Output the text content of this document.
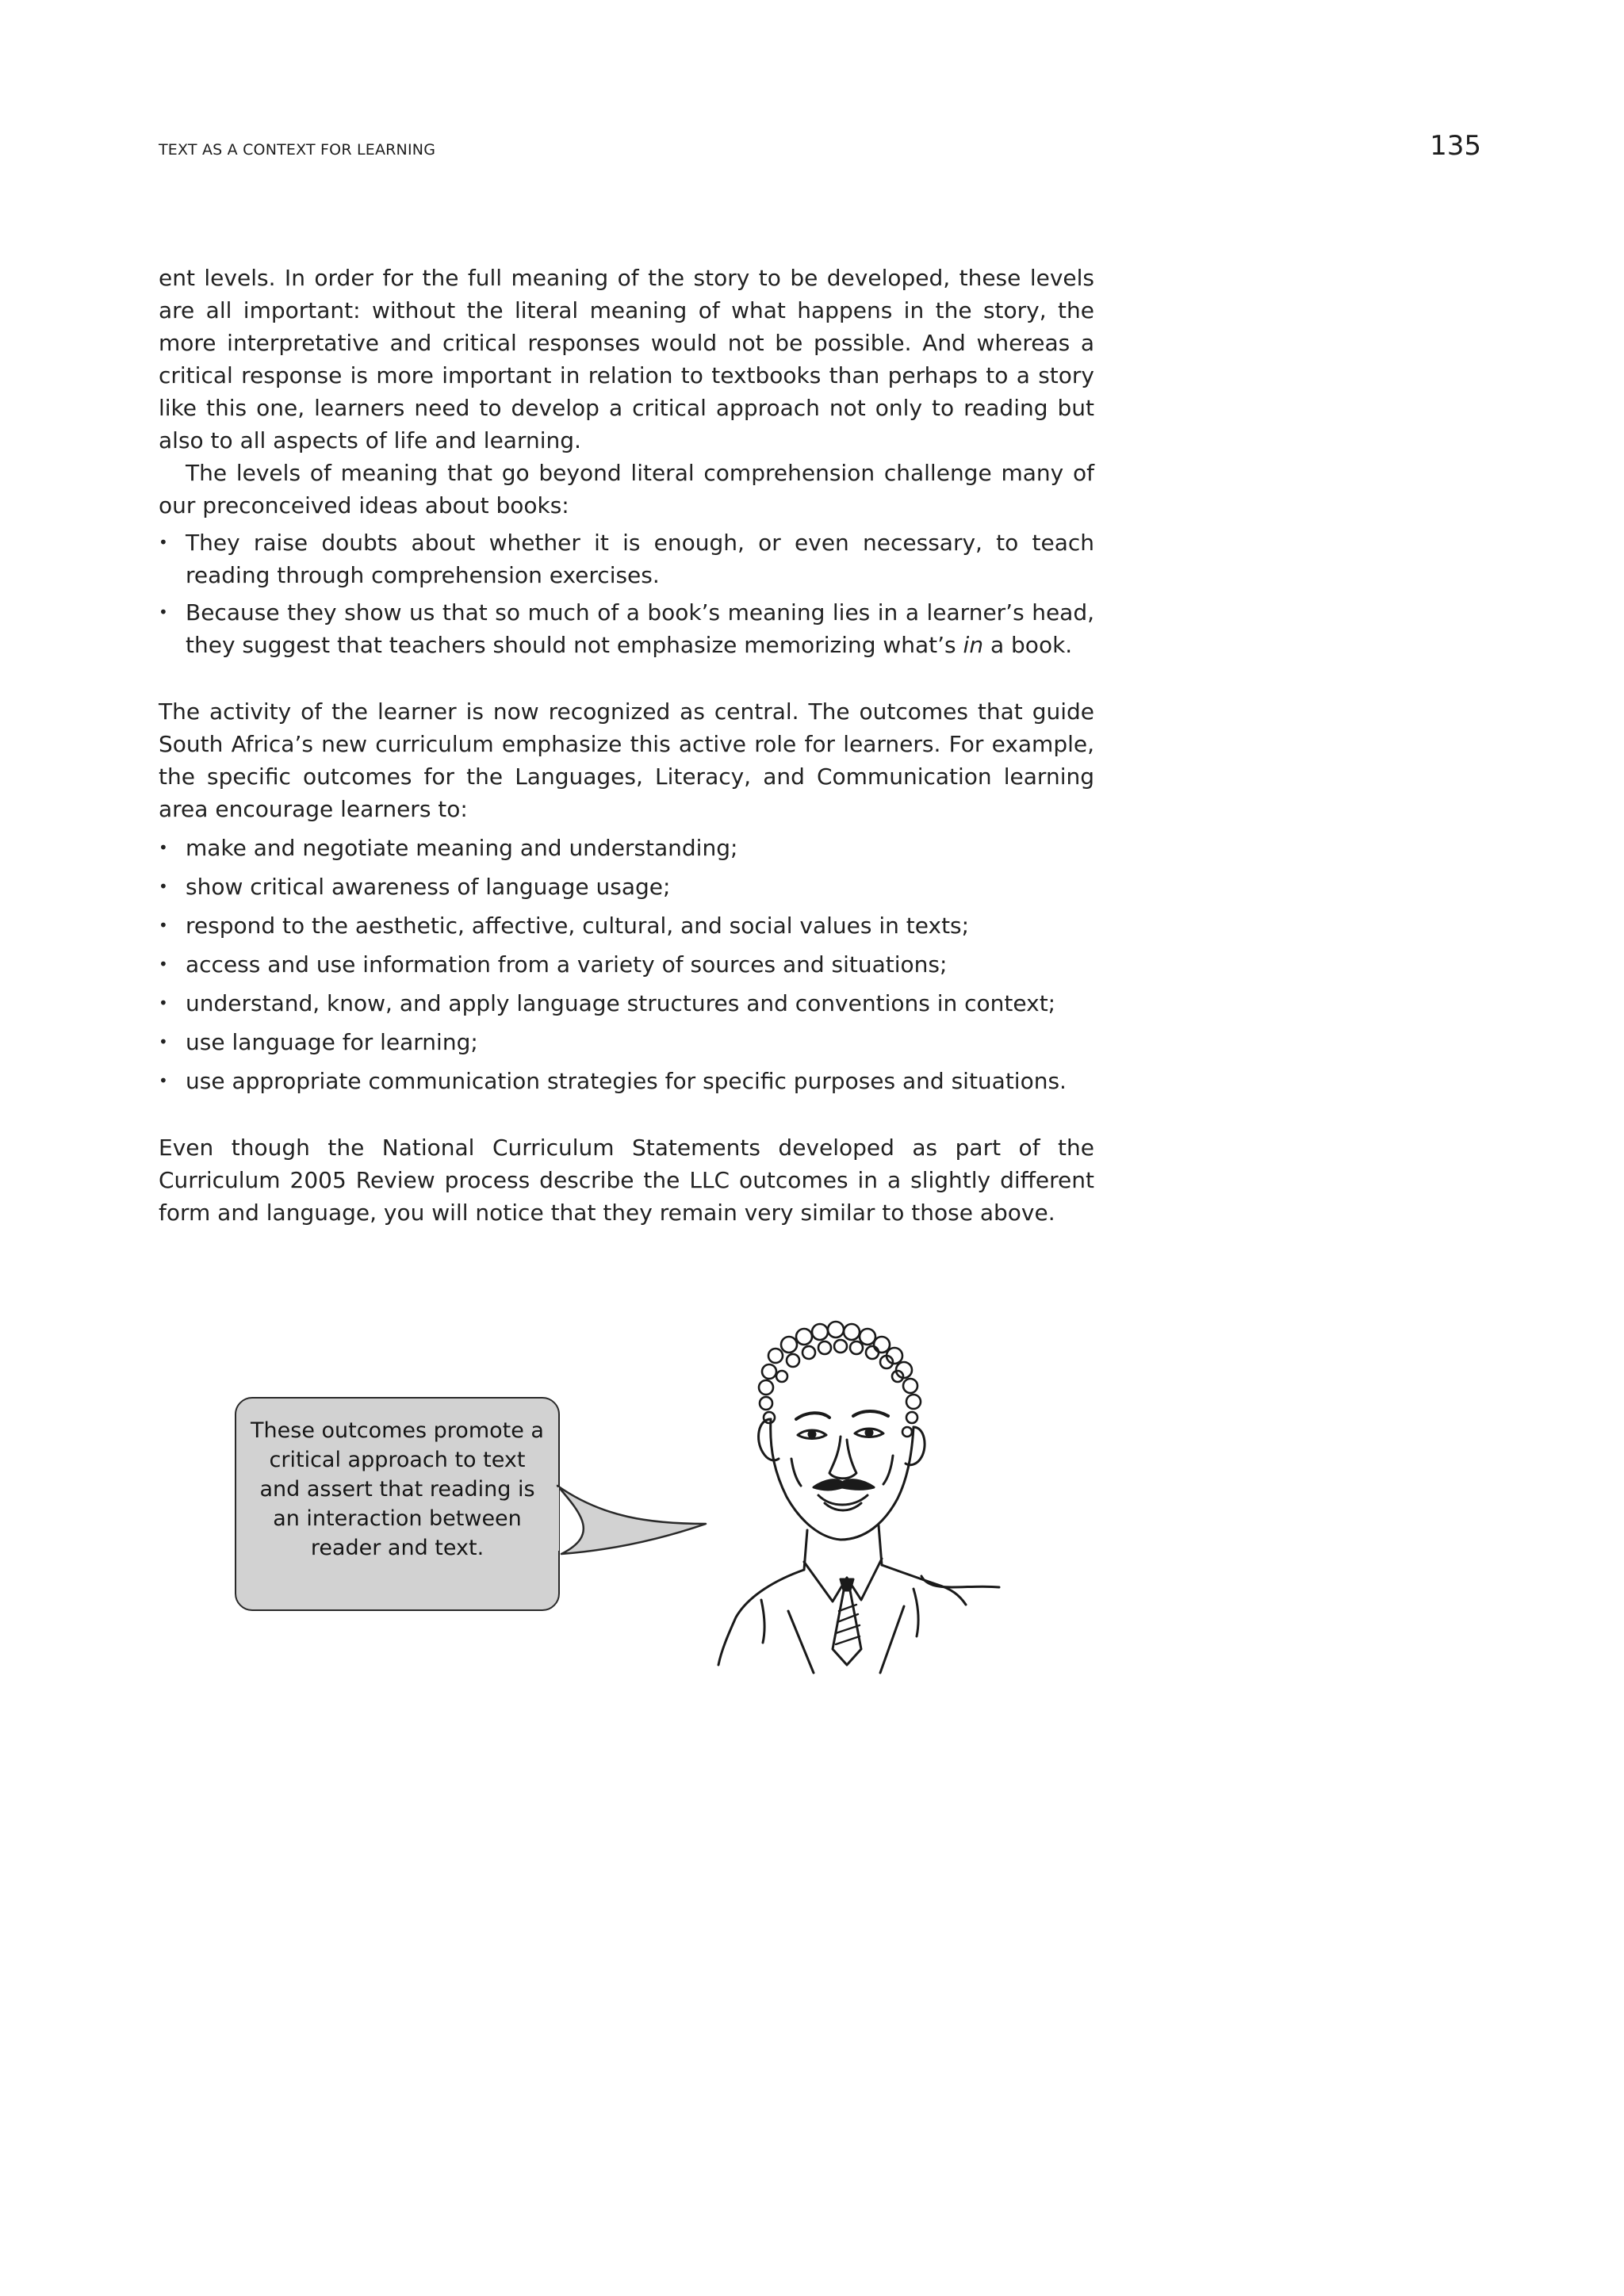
TEXT AS A CONTEXT FOR LEARNING	135

ent levels. In order for the full meaning of the story to be developed, these levels are all important: without the literal meaning of what happens in the story, the more interpretative and critical responses would not be possible. And whereas a critical response is more important in relation to textbooks than perhaps to a story like this one, learners need to develop a critical approach not only to reading but also to all aspects of life and learning.

The levels of meaning that go beyond literal comprehension challenge many of our preconceived ideas about books:

• They raise doubts about whether it is enough, or even necessary, to teach reading through comprehension exercises.
• Because they show us that so much of a book’s meaning lies in a learner’s head, they suggest that teachers should not emphasize memorizing what’s in a book.

The activity of the learner is now recognized as central. The outcomes that guide South Africa’s new curriculum emphasize this active role for learners. For example, the specific outcomes for the Languages, Literacy, and Communication learning area encourage learners to:

• make and negotiate meaning and understanding;
• show critical awareness of language usage;
• respond to the aesthetic, affective, cultural, and social values in texts;
• access and use information from a variety of sources and situations;
• understand, know, and apply language structures and conventions in context;
• use language for learning;
• use appropriate communication strategies for specific purposes and situations.

Even though the National Curriculum Statements developed as part of the Curriculum 2005 Review process describe the LLC outcomes in a slightly different form and language, you will notice that they remain very similar to those above.

These outcomes promote a critical approach to text and assert that reading is an interaction between reader and text.
